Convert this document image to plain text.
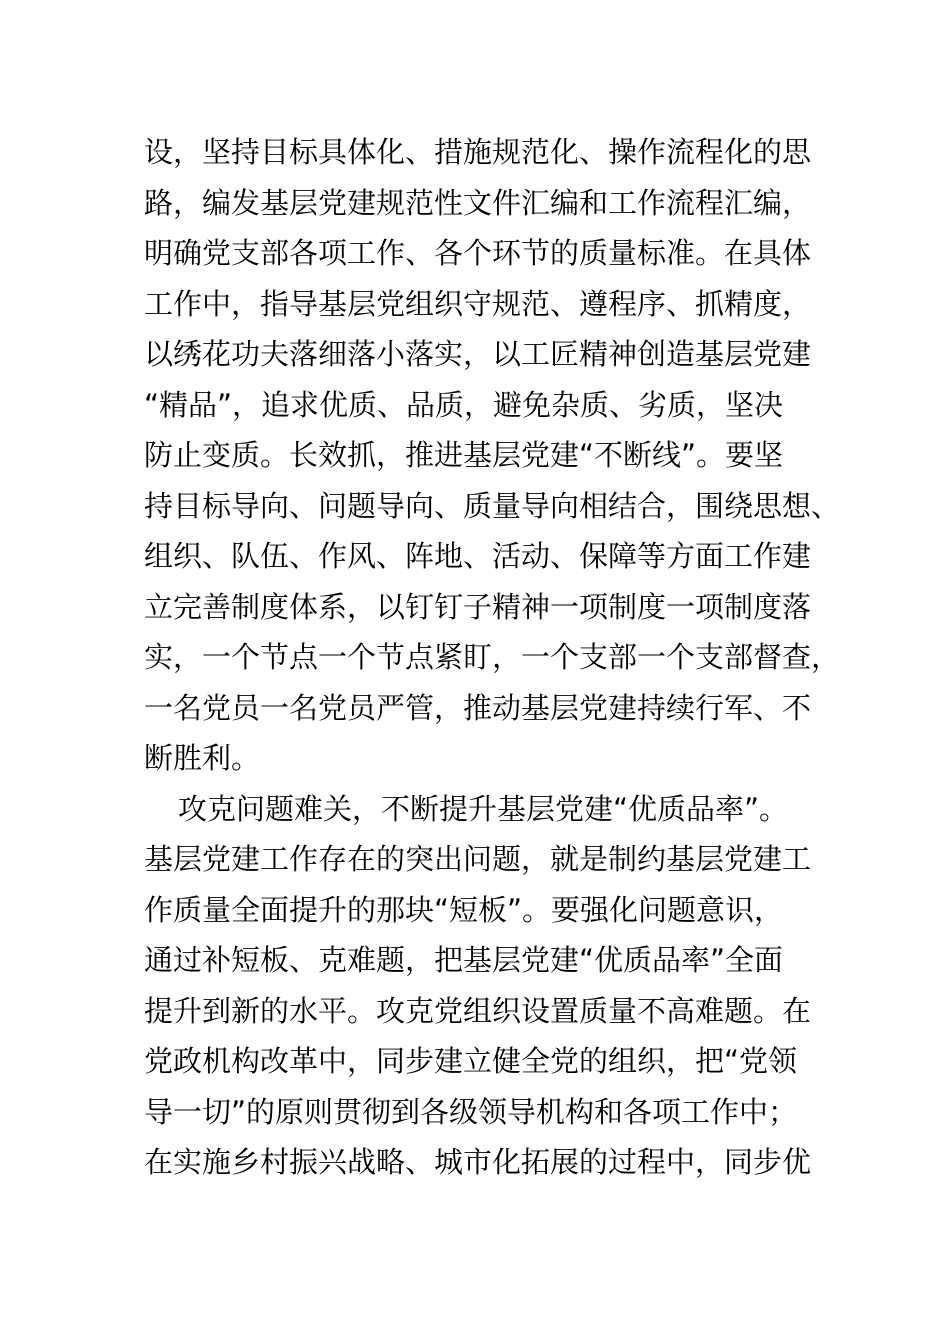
设，坚持目标具体化、措施规范化、操作流程化的思
路，编发基层党建规范性文件汇编和工作流程汇编，
明确党支部各项工作、各个环节的质量标准。在具体
工作中，指导基层党组织守规范、遵程序、抓精度，
以绣花功夫落细落小落实，以工匠精神创造基层党建
“精品”，追求优质、品质，避免杂质、劣质，坚决
防止变质。长效抓，推进基层党建“不断线”。要坚
持目标导向、问题导向、质量导向相结合，围绕思想、
组织、队伍、作风、阵地、活动、保障等方面工作建
立完善制度体系，以钉钉子精神一项制度一项制度落
实，一个节点一个节点紧盯，一个支部一个支部督查，
一名党员一名党员严管，推动基层党建持续行军、不
断胜利。
攻克问题难关，不断提升基层党建“优质品率”。
基层党建工作存在的突出问题，就是制约基层党建工
作质量全面提升的那块“短板”。要强化问题意识，
通过补短板、克难题，把基层党建“优质品率”全面
提升到新的水平。攻克党组织设置质量不高难题。在
党政机构改革中，同步建立健全党的组织，把“党领
导一切”的原则贯彻到各级领导机构和各项工作中；
在实施乡村振兴战略、城市化拓展的过程中，同步优
